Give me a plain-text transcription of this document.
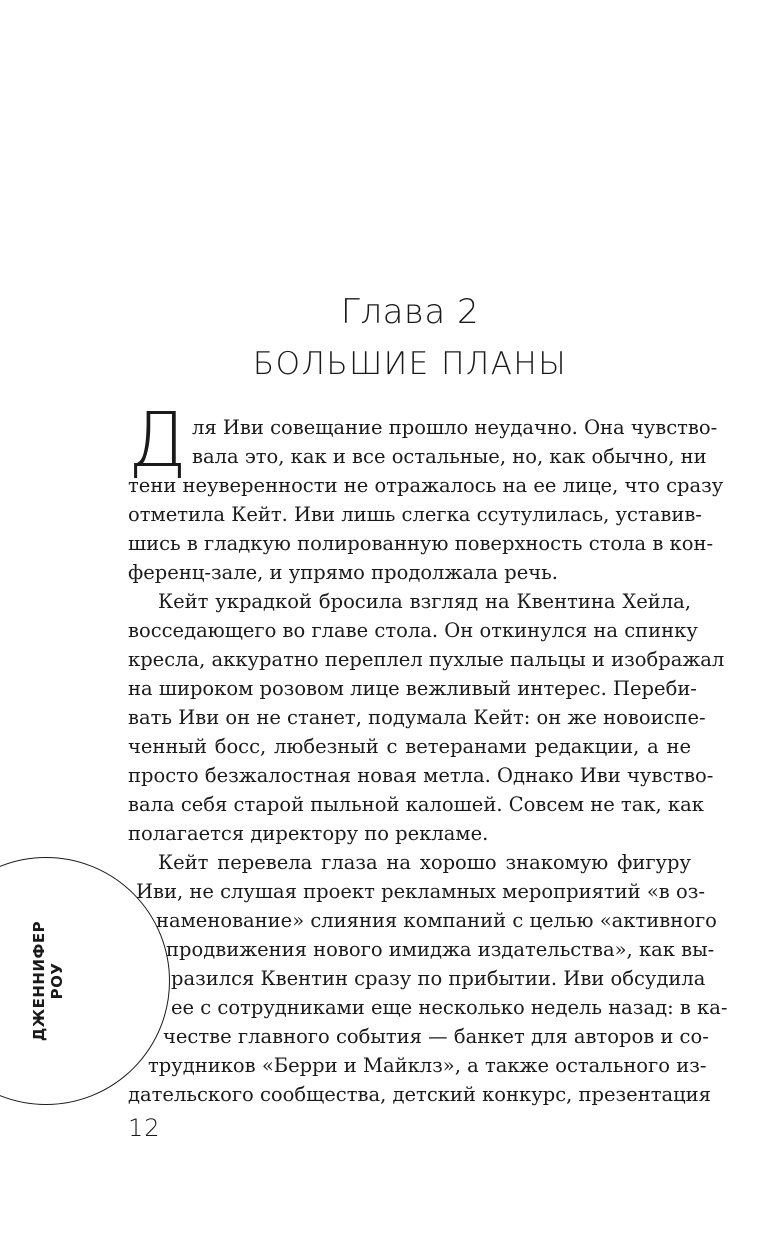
Глава 2
БОЛЬШИЕ ПЛАНЫ
Д ля Иви совещание прошло неудачно. Она чувство-
вала это, как и все остальные, но, как обычно, ни
тени неуверенности не отражалось на ее лице, что сразу
отметила Кейт. Иви лишь слегка ссутулилась, уставив-
шись в гладкую полированную поверхность стола в кон-
ференц-зале, и упрямо продолжала речь.
Кейт украдкой бросила взгляд на Квентина Хейла,
восседающего во главе стола. Он откинулся на спинку
кресла, аккуратно переплел пухлые пальцы и изображал
на широком розовом лице вежливый интерес. Переби-
вать Иви он не станет, подумала Кейт: он же новоиспе-
ченный босс, любезный с ветеранами редакции, а не
просто безжалостная новая метла. Однако Иви чувство-
вала себя старой пыльной калошей. Совсем не так, как
полагается директору по рекламе.
Кейт перевела глаза на хорошо знакомую фигуру
Иви, не слушая проект рекламных мероприятий «в оз-
наменование» слияния компаний с целью «активного
продвижения нового имиджа издательства», как вы-
разился Квентин сразу по прибытии. Иви обсудила
ее с сотрудниками еще несколько недель назад: в ка-
честве главного события — банкет для авторов и со-
трудников «Берри и Майклз», а также остального из-
дательского сообщества, детский конкурс, презентация
ДЖЕННИФЕР РОУ
12
